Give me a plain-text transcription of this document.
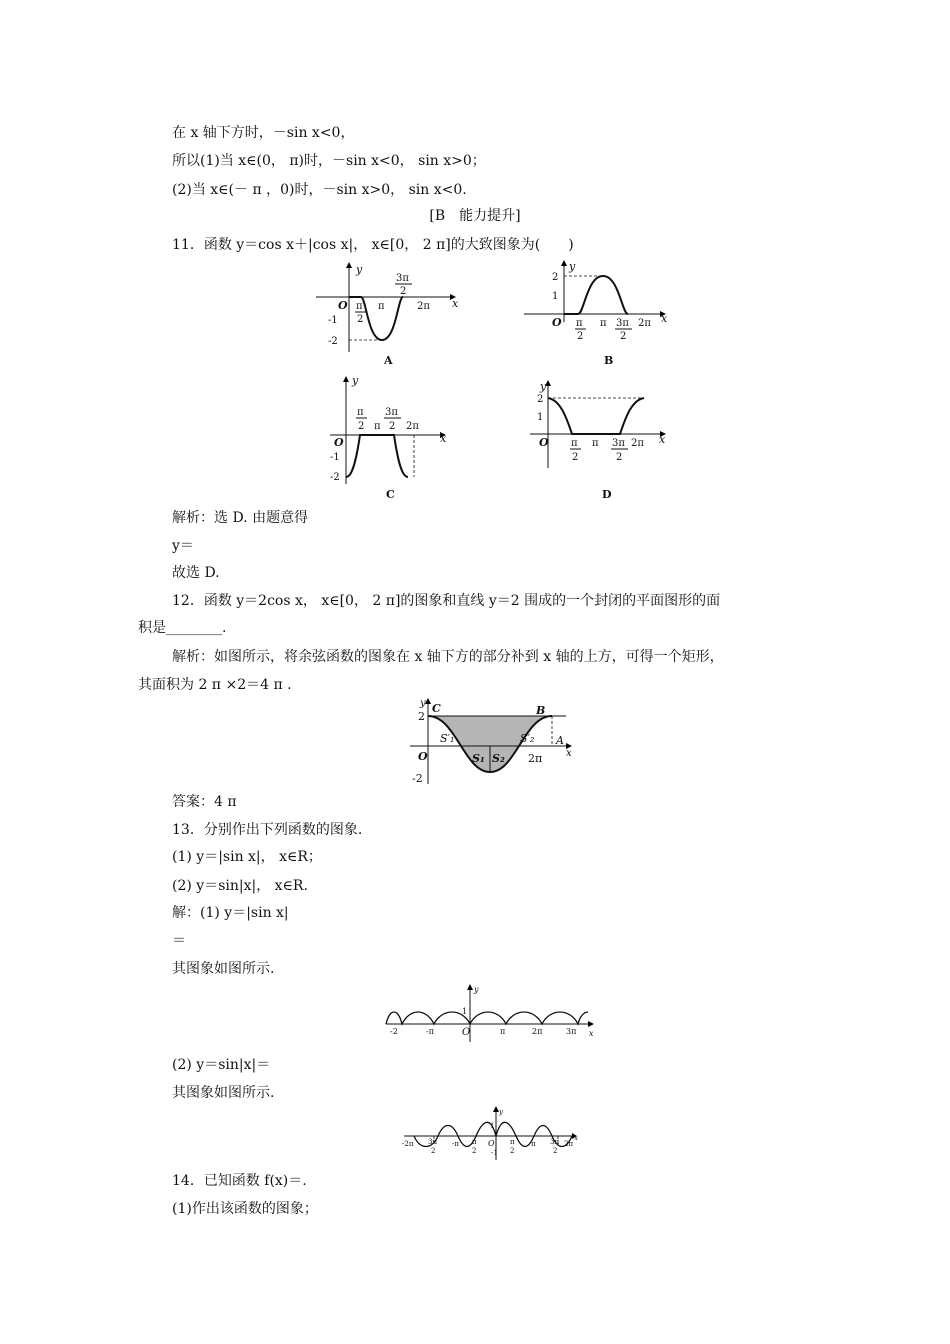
在 x 轴下方时，－sin x<0，
所以(1)当 x∈(0， π)时，－sin x<0， sin x>0；
(2)当 x∈(－ π ，0)时，－sin x>0， sin x<0.
[B　能力提升]
11．函数 y＝cos x＋|cos x|， x∈[0， 2 π]的大致图象为(　　)
y
x
O π
2
π
3π
2
2π
-1
-2
A
y
x
O
2
1
π
2
π 3π
2
2π
B
y
x
O
-1
-2
π
2 π
3π
2 2π
C
y
x
O
2
1
π
2
π 3π
2
2π
D
解析：选 D. 由题意得
y＝
故选 D.
12．函数 y＝2cos x， x∈[0， 2 π]的图象和直线 y＝2 围成的一个封闭的平面图形的面
积是________.
解析：如图所示，将余弦函数的图象在 x 轴下方的部分补到 x 轴的上方，可得一个矩形，
其面积为 2 π ×2＝4 π .
y
x
C
2	B
A
S′₁	S′₂
S₁ S₂
O	2π
-2
答案：4 π
13．分别作出下列函数的图象.
(1) y＝|sin x|， x∈R；
(2) y＝sin|x|， x∈R.
解：(1) y＝|sin x|
＝
其图象如图所示.
y
x
1
O
-2	-π	π	2π	3π
(2) y＝sin|x|＝
其图象如图所示.
y
x
1
O
-1
-2π 3π
2
-π π
2
π
2
π 3π
2
2π
14．已知函数 f(x)＝.
(1)作出该函数的图象；
